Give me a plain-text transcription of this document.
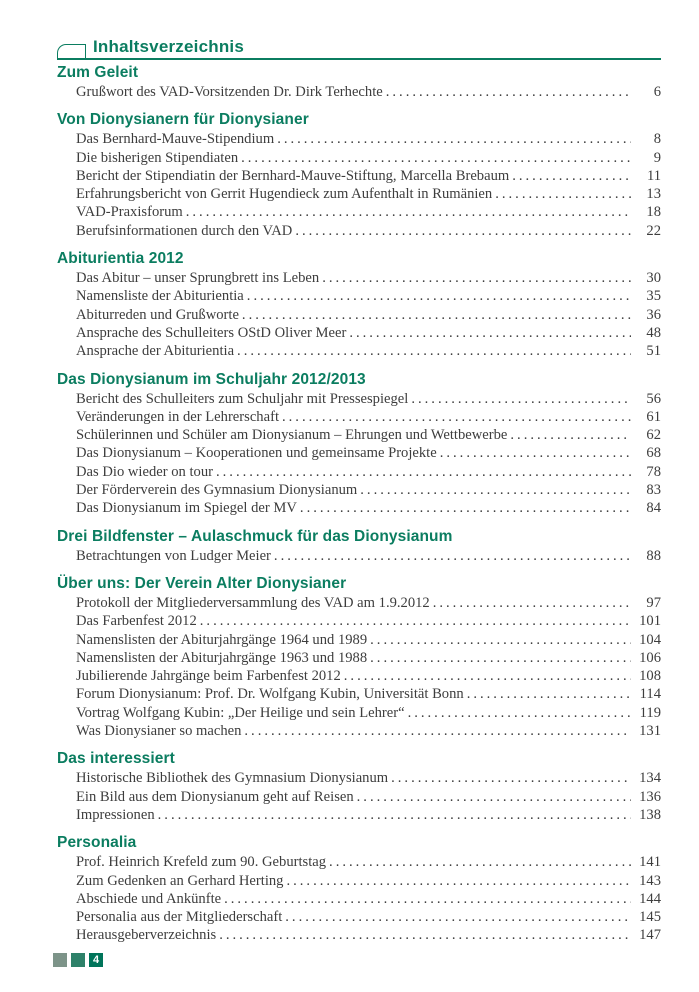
Inhaltsverzeichnis
Zum Geleit
Grußwort des VAD-Vorsitzenden Dr. Dirk Terhechte .....	6
Von Dionysianern für Dionysianer
Das Bernhard-Mauve-Stipendium .....	8
Die bisherigen Stipendiaten .....	9
Bericht der Stipendiatin der Bernhard-Mauve-Stiftung, Marcella Brebaum .....	11
Erfahrungsbericht von Gerrit Hugendieck zum Aufenthalt in Rumänien .....	13
VAD-Praxisforum .....	18
Berufsinformationen durch den VAD .....	22
Abiturientia 2012
Das Abitur – unser Sprungbrett ins Leben .....	30
Namensliste der Abiturientia .....	35
Abiturreden und Grußworte .....	36
Ansprache des Schulleiters OStD Oliver Meer .....	48
Ansprache der Abiturientia .....	51
Das Dionysianum im Schuljahr 2012/2013
Bericht des Schulleiters zum Schuljahr mit Pressespiegel .....	56
Veränderungen in der Lehrerschaft .....	61
Schülerinnen und Schüler am Dionysianum – Ehrungen und Wettbewerbe .....	62
Das Dionysianum – Kooperationen und gemeinsame Projekte .....	68
Das Dio wieder on tour .....	78
Der Förderverein des Gymnasium Dionysianum .....	83
Das Dionysianum im Spiegel der MV .....	84
Drei Bildfenster – Aulaschmuck für das Dionysianum
Betrachtungen von Ludger Meier .....	88
Über uns: Der Verein Alter Dionysianer
Protokoll der Mitgliederversammlung des VAD am 1.9.2012 .....	97
Das Farbenfest 2012 .....	101
Namenslisten der Abiturjahrgänge 1964 und 1989 .....	104
Namenslisten der Abiturjahrgänge 1963 und 1988 .....	106
Jubilierende Jahrgänge beim Farbenfest 2012 .....	108
Forum Dionysianum: Prof. Dr. Wolfgang Kubin, Universität Bonn .....	114
Vortrag Wolfgang Kubin: „Der Heilige und sein Lehrer“ .....	119
Was Dionysianer so machen .....	131
Das interessiert
Historische Bibliothek des Gymnasium Dionysianum .....	134
Ein Bild aus dem Dionysianum geht auf Reisen .....	136
Impressionen .....	138
Personalia
Prof. Heinrich Krefeld zum 90. Geburtstag .....	141
Zum Gedenken an Gerhard Herting .....	143
Abschiede und Ankünfte .....	144
Personalia aus der Mitgliederschaft .....	145
Herausgeberverzeichnis .....	147
4
